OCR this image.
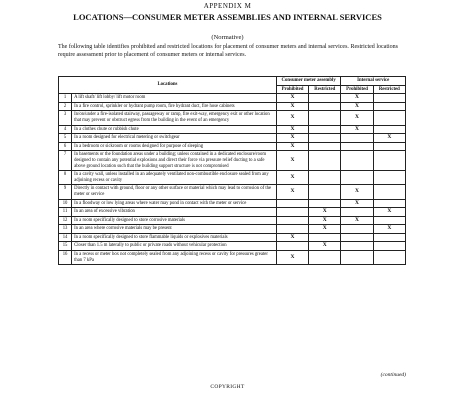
APPENDIX M
LOCATIONS—CONSUMER METER ASSEMBLIES AND INTERNAL SERVICES
(Normative)
The following table identifies prohibited and restricted locations for placement of consumer meters and internal services. Restricted locations require assessment prior to placement of consumer meters or internal services.
Locations		Consumer meter assembly		Internal service	
		Prohibited	Restricted	Prohibited	Restricted
1	A lift shaft/ lift lobby/ lift motor room	X		X	
2	In a fire control, sprinkler or hydrant pump room, fire hydrant duct, fire hose cabinets	X		X	
3	In/on/under a fire-isolated stairway, passageway or ramp, fire exit-way, emergency exit or other location that may prevent or obstruct egress from the building in the event of an emergency	X		X	
4	In a clothes chute or rubbish chute	X		X	
5	In a room designed for electrical metering or switchgear	X			X
6	In a bedroom or sickroom or rooms designed for purpose of sleeping	X			
7	In basements or the foundation areas under a building; unless contained in a dedicated enclosure/room designed to contain any potential explosions and direct their force via pressure relief ducting to a safe above ground location such that the building support structure is not compromised	X			
8	In a cavity wall, unless installed in an adequately ventilated non-combustible enclosure sealed from any adjoining recess or cavity	X			
9	Directly in contact with ground, floor or any other surface or material which may lead to corrosion of the meter or service	X		X	
10	In a floodway or low lying areas where water may pond in contact with the meter or service			X	
11	In an area of excessive vibration		X		X
12	In a room specifically designed to store corrosive materials		X	X	
13	In an area where corrosive materials may be present		X		X
14	In a room specifically designed to store flammable liquids or explosives materials	X			
15	Closer than 1.5 m laterally to public or private roads without vehicular protection		X		
16	In a recess or meter box not completely sealed from any adjoining recess or cavity for pressures greater than 7 kPa	X			
(continued)
COPYRIGHT
